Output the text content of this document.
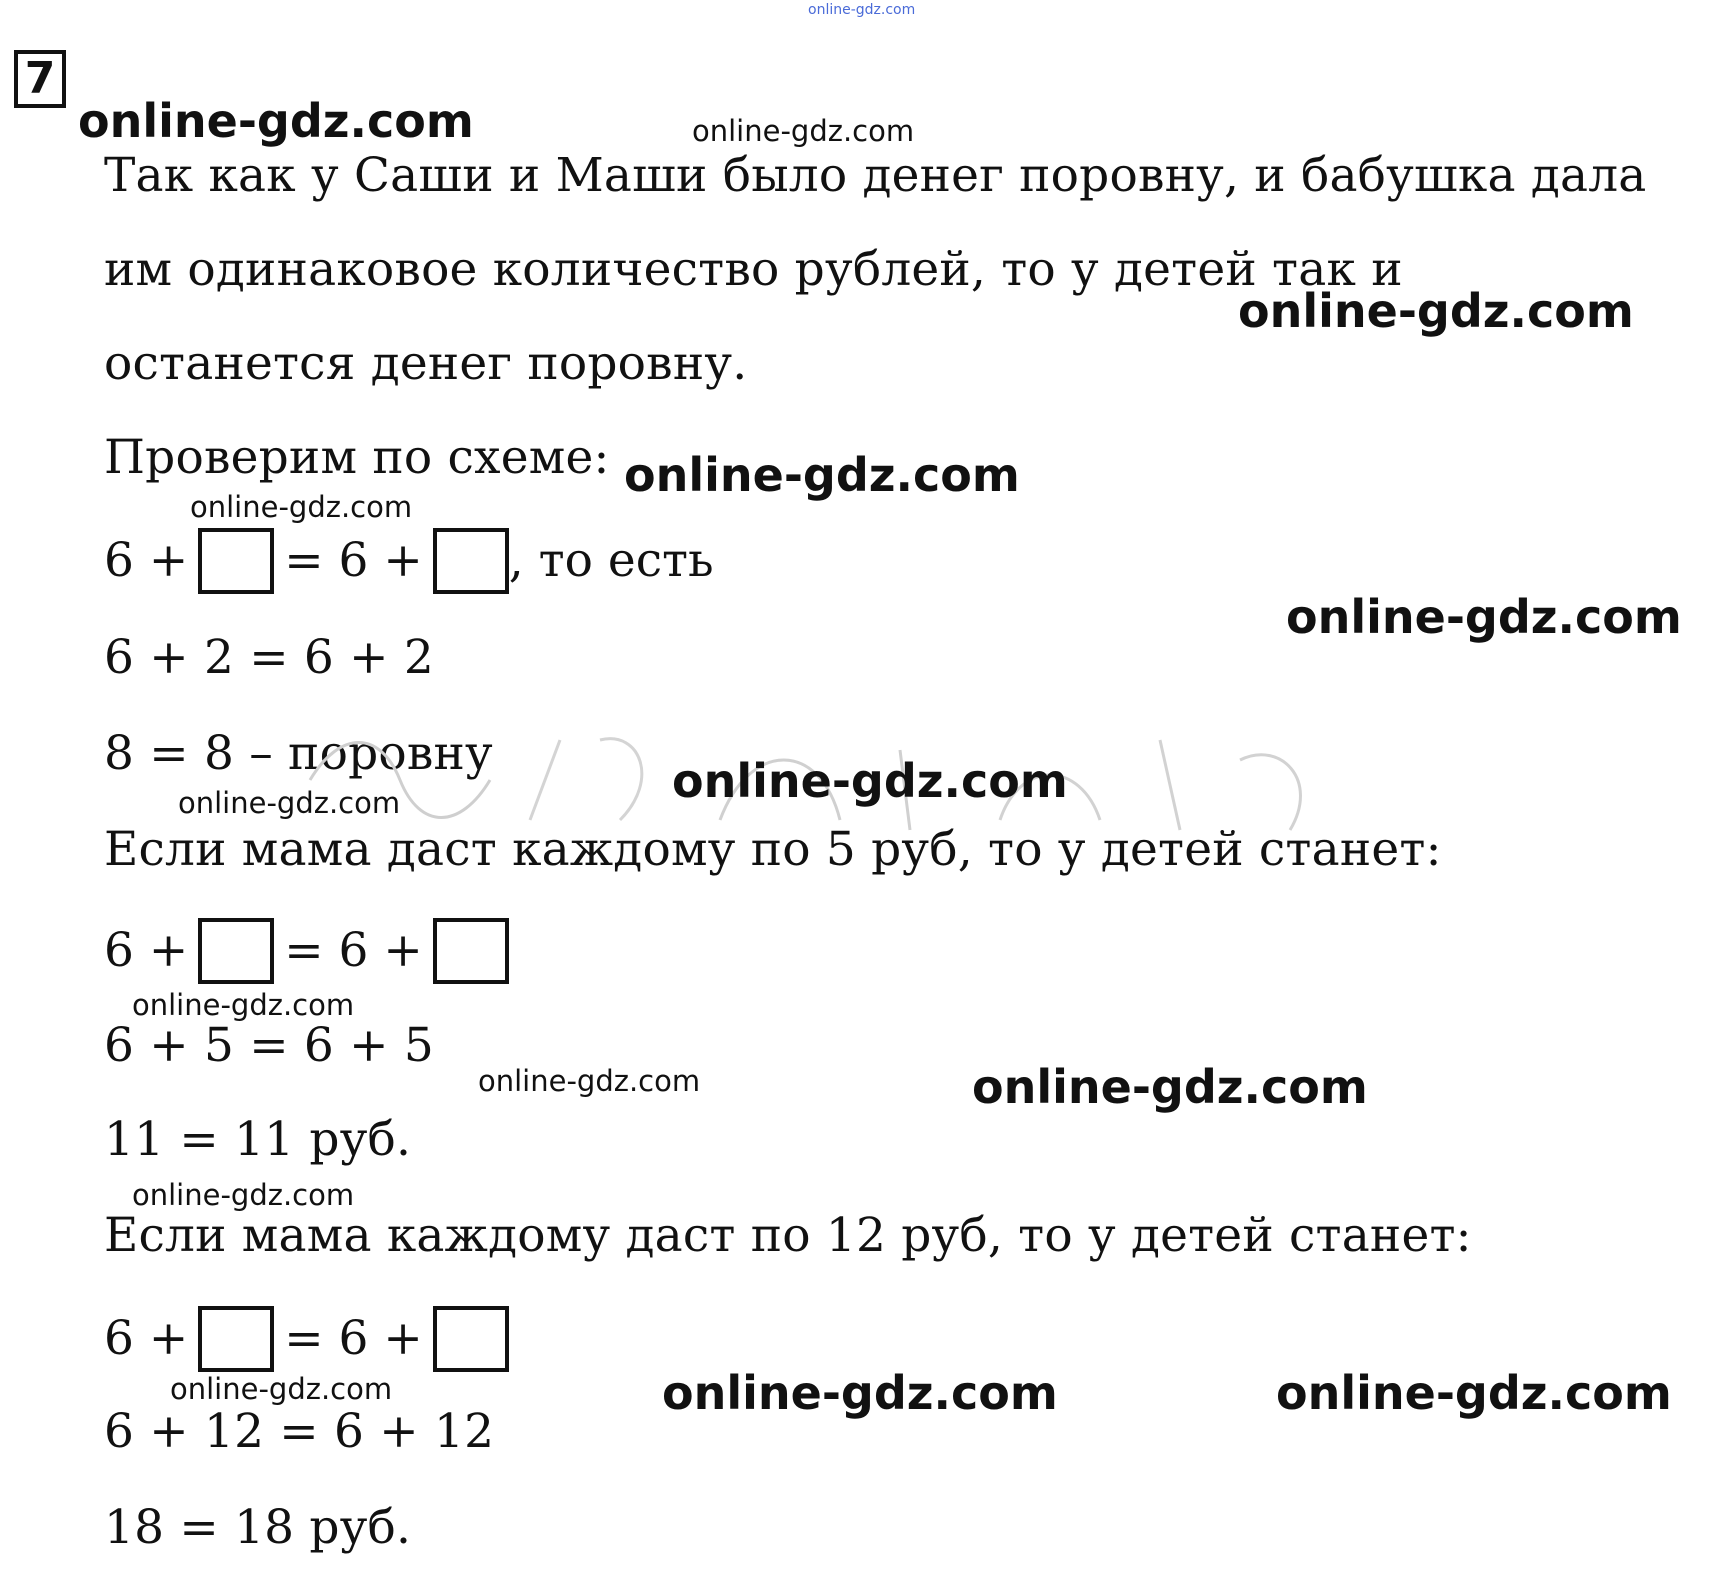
online-gdz.com
7
Так как у Саши и Маши было денег поровну, и бабушка дала
им одинаковое количество рублей, то у детей так и
останется денег поровну.
Проверим по схеме:
6 + = 6 + , то есть
6 + 2 = 6 + 2
8 = 8 – поровну
Если мама даст каждому по 5 руб, то у детей станет:
6 + = 6 +
6 + 5 = 6 + 5
11 = 11 руб.
Если мама каждому даст по 12 руб, то у детей станет:
6 + = 6 +
6 + 12 = 6 + 12
18 = 18 руб.
online-gdz.com	online-gdz.com
online-gdz.com
online-gdz.com
online-gdz.com
online-gdz.com
online-gdz.com
online-gdz.com
online-gdz.com
online-gdz.com	online-gdz.com
online-gdz.com
online-gdz.com	online-gdz.com	online-gdz.com
